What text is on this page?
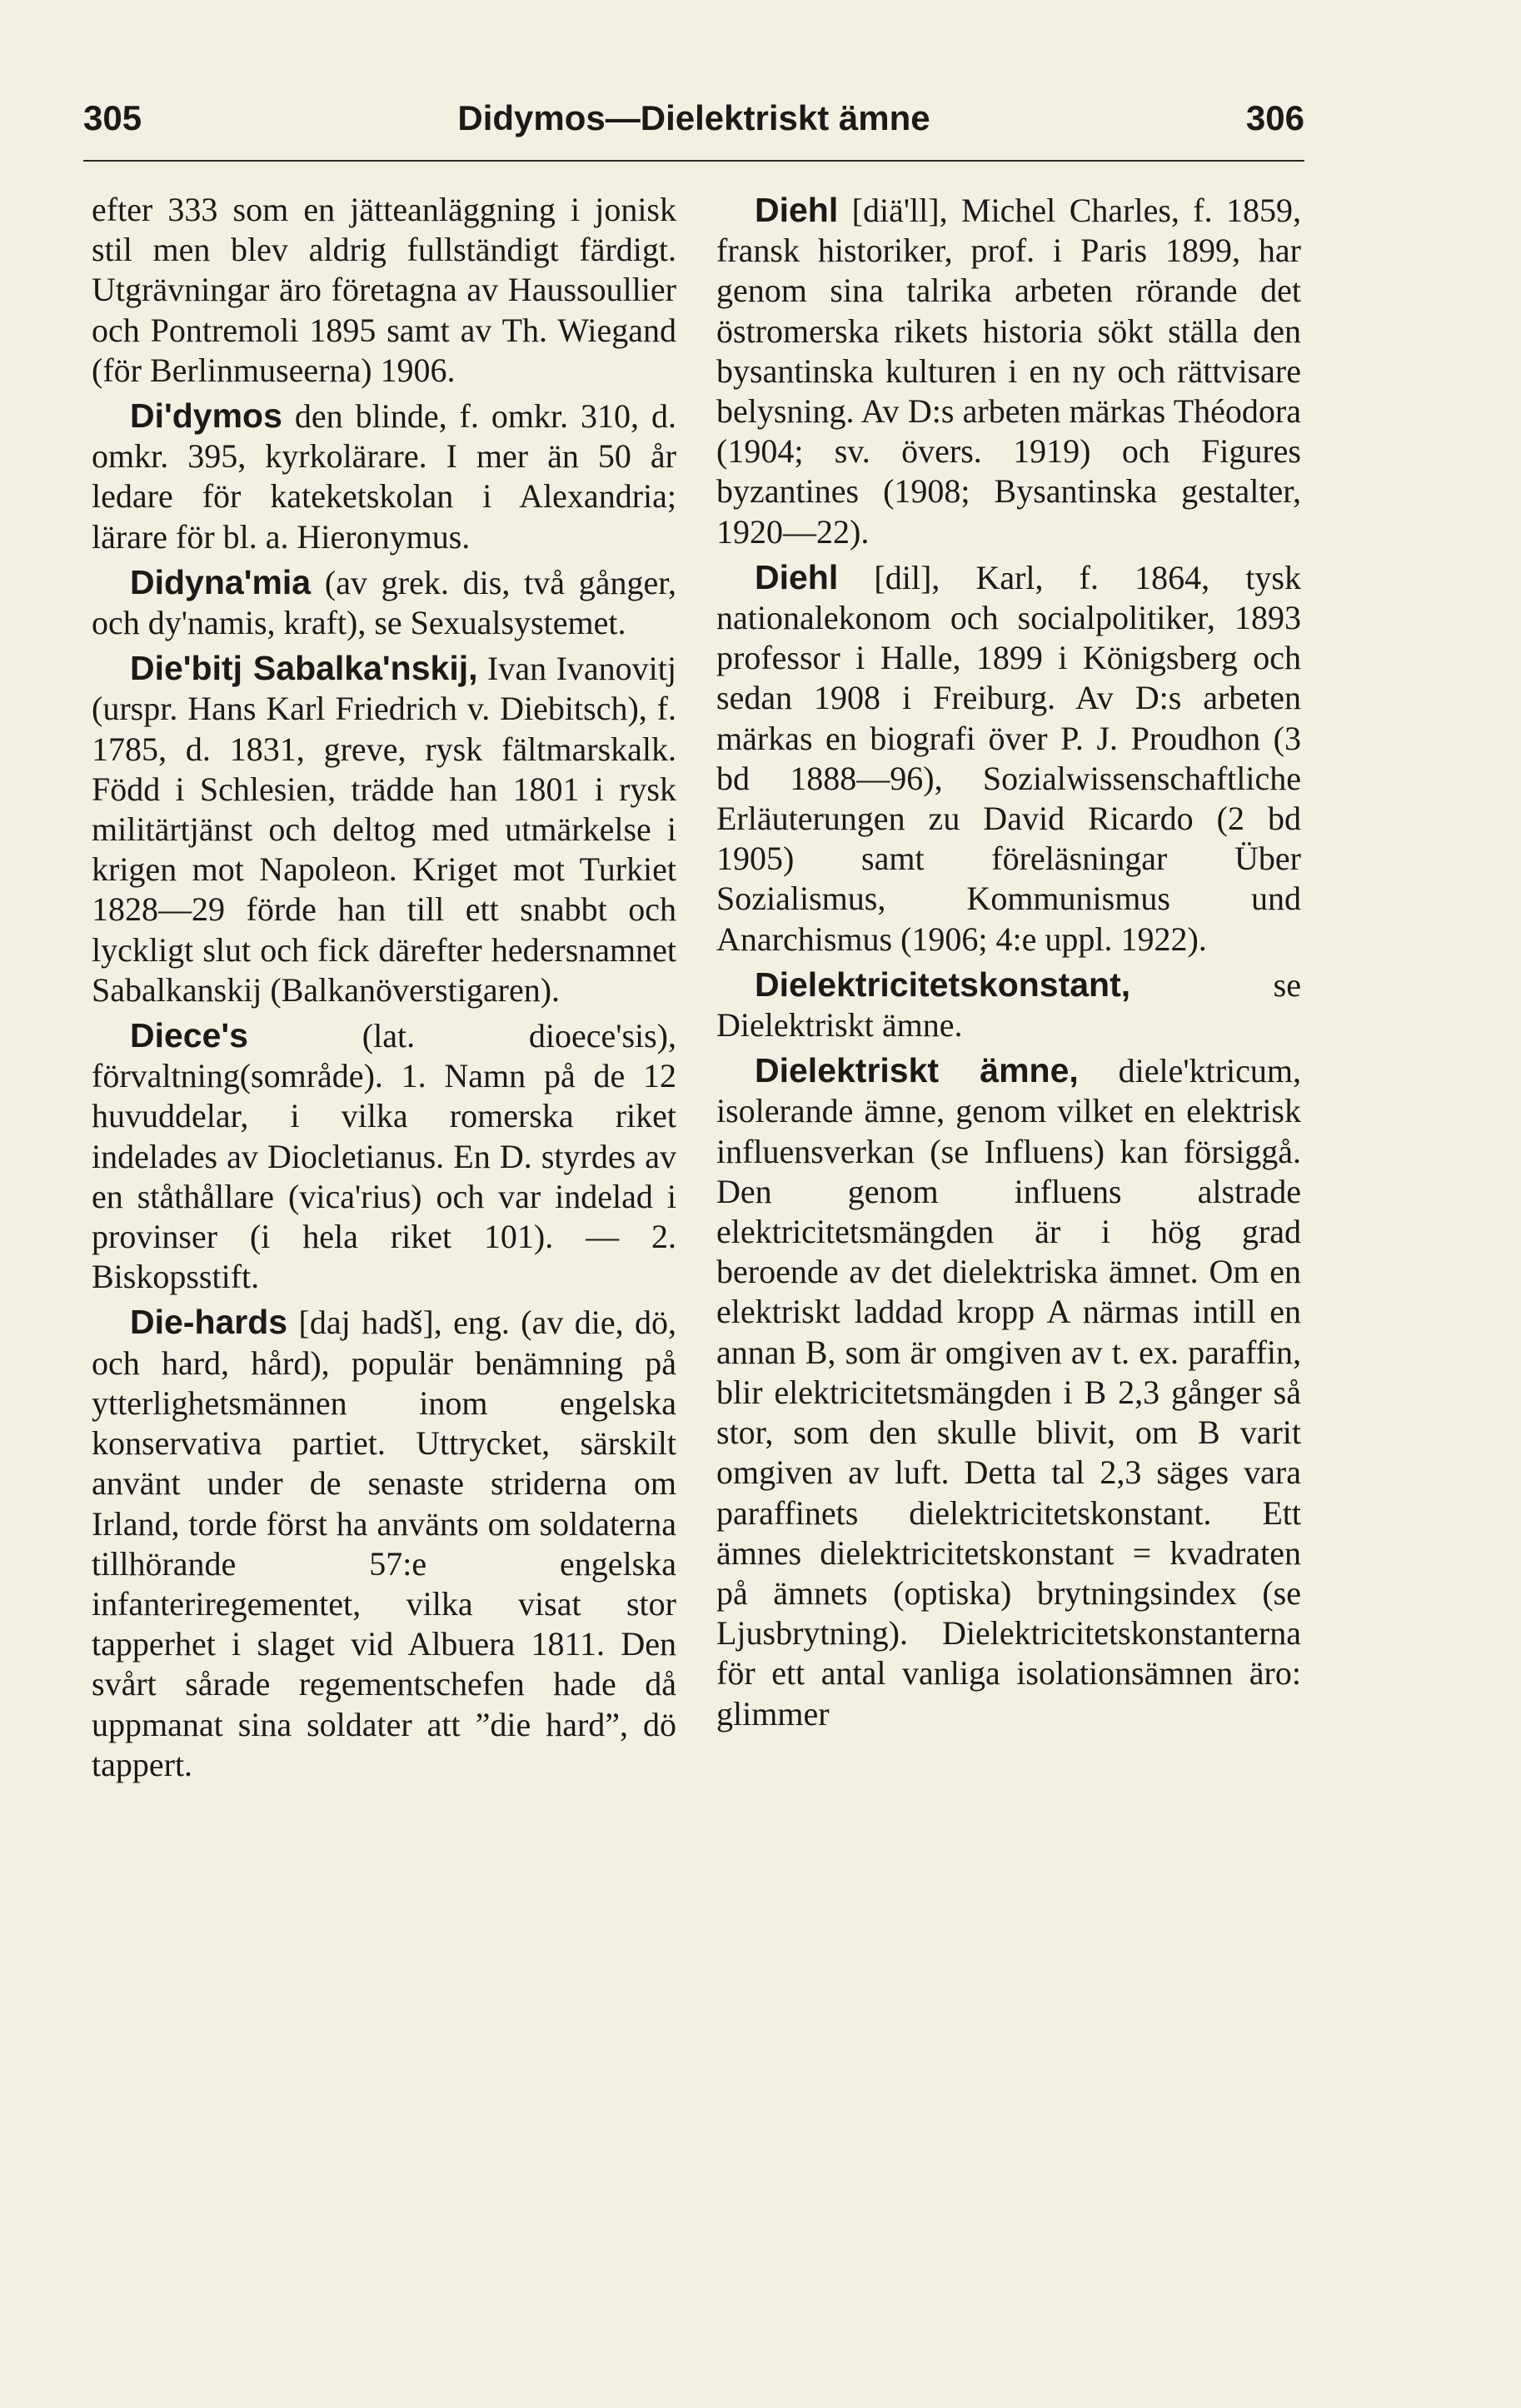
305	Didymos—Dielektriskt ämne	306

efter 333 som en jätteanläggning i jonisk stil men blev aldrig fullständigt färdigt. Utgrävningar äro företagna av Haussoullier och Pontremoli 1895 samt av Th. Wiegand (för Berlinmuseerna) 1906.

Di'dymos den blinde, f. omkr. 310, d. omkr. 395, kyrkolärare. I mer än 50 år ledare för kateketskolan i Alexandria; lärare för bl. a. Hieronymus.

Didyna'mia (av grek. dis, två gånger, och dy'namis, kraft), se Sexualsystemet.

Die'bitj Sabalka'nskij, Ivan Ivanovitj (urspr. Hans Karl Friedrich v. Diebitsch), f. 1785, d. 1831, greve, rysk fältmarskalk. Född i Schlesien, trädde han 1801 i rysk militärtjänst och deltog med utmärkelse i krigen mot Napoleon. Kriget mot Turkiet 1828—29 förde han till ett snabbt och lyckligt slut och fick därefter hedersnamnet Sabalkanskij (Balkanöverstigaren).

Diece's	(lat. dioece'sis), förvaltning(sområde). 1. Namn på de 12 huvuddelar, i vilka romerska riket indelades av Diocletianus. En D. styrdes av en ståthållare (vica'rius) och var indelad i provinser (i hela riket 101). — 2. Biskopsstift.

Die-hards [daj hadš], eng. (av die, dö, och hard, hård), populär benämning på ytterlighetsmännen inom engelska konservativa partiet. Uttrycket, särskilt använt under de senaste striderna om Irland, torde först ha använts om soldaterna tillhörande 57:e engelska infanteriregementet, vilka visat stor tapperhet i slaget vid Albuera 1811. Den svårt sårade regementschefen hade då uppmanat sina soldater att ”die hard”, dö tappert.

Diehl [diä'll], Michel Charles, f. 1859, fransk historiker, prof. i Paris 1899, har genom sina talrika arbeten rörande det östromerska rikets historia sökt ställa den bysantinska kulturen i en ny och rättvisare belysning. Av D:s arbeten märkas Théodora (1904; sv. övers. 1919) och Figures byzantines (1908; Bysantinska gestalter, 1920—22).

Diehl [dil], Karl, f. 1864, tysk nationalekonom och socialpolitiker, 1893 professor i Halle, 1899 i Königsberg och sedan 1908 i Freiburg. Av D:s arbeten märkas en biografi över P. J. Proudhon (3 bd 1888—96), Sozialwissenschaftliche Erläuterungen zu David Ricardo (2 bd 1905) samt föreläsningar Über Sozialismus, Kommunismus und Anarchismus (1906; 4:e uppl. 1922).

Dielektricitetskonstant,	se Dielektriskt ämne.

Dielektriskt ämne, diele'ktricum, isolerande ämne, genom vilket en elektrisk influensverkan (se Influens) kan försiggå. Den genom influens alstrade elektricitetsmängden är i hög grad beroende av det dielektriska ämnet. Om en elektriskt laddad kropp A närmas intill en annan B, som är omgiven av t. ex. paraffin, blir elektricitetsmängden i B 2,3 gånger så stor, som den skulle blivit, om B varit omgiven av luft. Detta tal 2,3 säges vara paraffinets dielektricitetskonstant. Ett ämnes dielektricitetskonstant = kvadraten på ämnets (optiska) brytningsindex (se Ljusbrytning). Dielektricitetskonstanterna för ett antal vanliga isolationsämnen äro: glimmer
